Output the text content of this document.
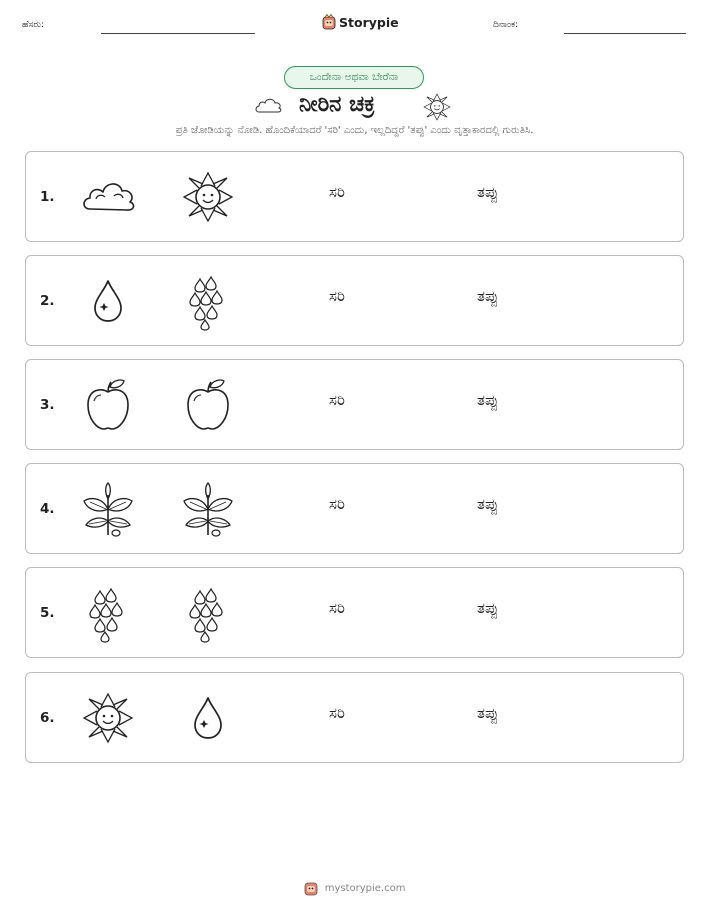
ಹೆಸರು:	Storypie	ದಿನಾಂಕ:
ಒಂದೇನಾ ಅಥವಾ ಬೇರೆನಾ
ನೀರಿನ ಚಕ್ರ
ಪ್ರತಿ ಜೋಡಿಯನ್ನು ನೋಡಿ. ಹೊಂದಿಕೆಯಾದರೆ 'ಸರಿ' ಎಂದು, ಇಲ್ಲದಿದ್ದರೆ 'ತಪ್ಪು' ಎಂದು ವೃತ್ತಾಕಾರದಲ್ಲಿ ಗುರುತಿಸಿ.
1.	ಸರಿ	ತಪ್ಪು
2.	ಸರಿ	ತಪ್ಪು
3.	ಸರಿ	ತಪ್ಪು
4.	ಸರಿ	ತಪ್ಪು
5.	ಸರಿ	ತಪ್ಪು
6.	ಸರಿ	ತಪ್ಪು
mystorypie.com
